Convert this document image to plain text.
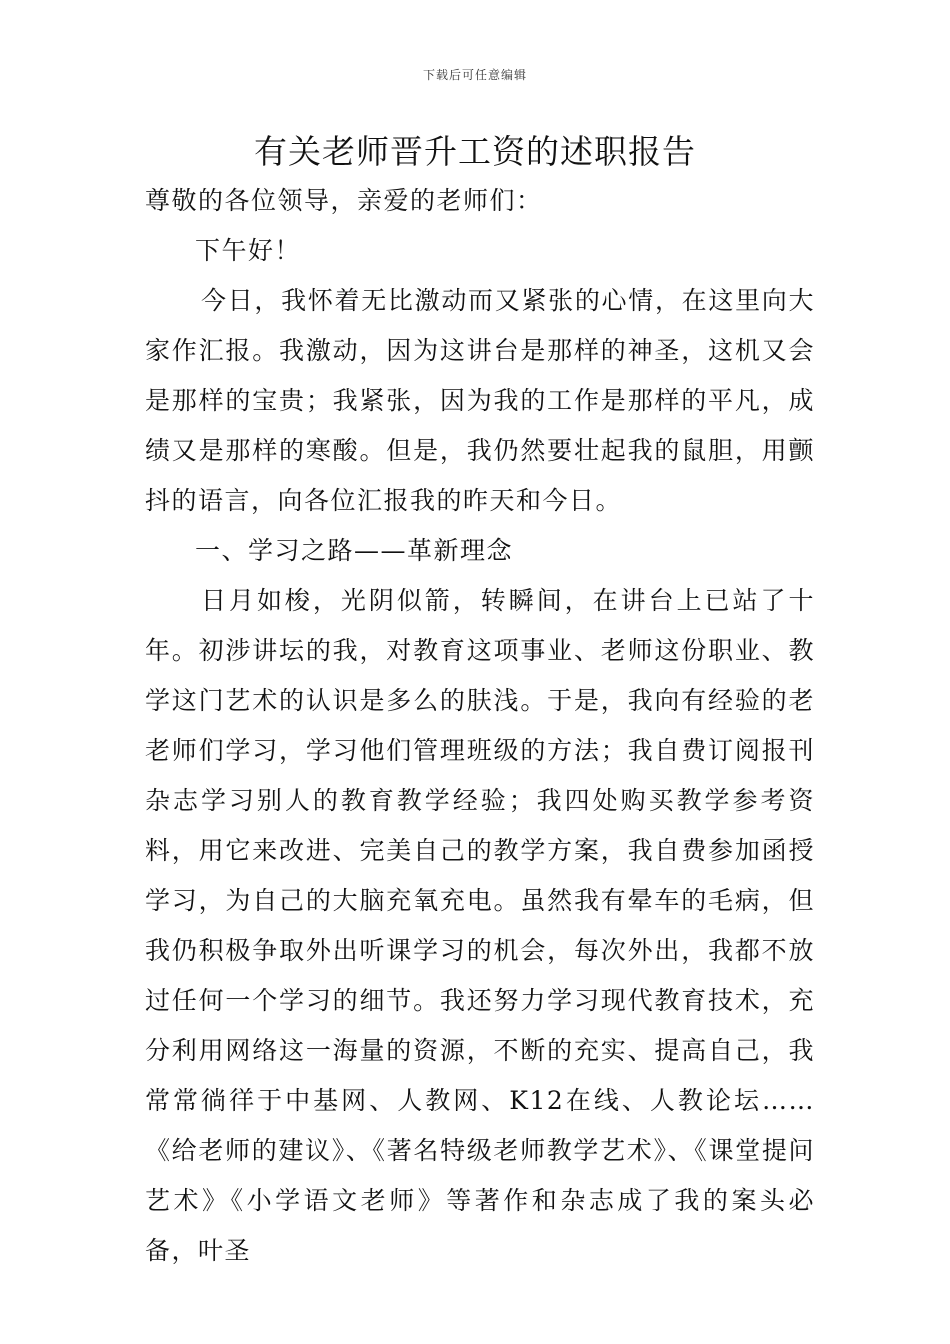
下载后可任意编辑
有关老师晋升工资的述职报告

尊敬的各位领导，亲爱的老师们：

下午好！

今日，我怀着无比激动而又紧张的心情，在这里向大家作汇报。我激动，因为这讲台是那样的神圣，这机又会是那样的宝贵；我紧张，因为我的工作是那样的平凡，成绩又是那样的寒酸。但是，我仍然要壮起我的鼠胆，用颤抖的语言，向各位汇报我的昨天和今日。

一、学习之路——革新理念

日月如梭，光阴似箭，转瞬间，在讲台上已站了十年。初涉讲坛的我，对教育这项事业、老师这份职业、教学这门艺术的认识是多么的肤浅。于是，我向有经验的老老师们学习，学习他们管理班级的方法；我自费订阅报刊杂志学习别人的教育教学经验；我四处购买教学参考资料，用它来改进、完美自己的教学方案，我自费参加函授学习，为自己的大脑充氧充电。虽然我有晕车的毛病，但我仍积极争取外出听课学习的机会，每次外出，我都不放过任何一个学习的细节。我还努力学习现代教育技术，充分利用网络这一海量的资源，不断的充实、提高自己，我常常徜徉于中基网、人教网、K12在线、人教论坛……《给老师的建议》、《著名特级老师教学艺术》、《课堂提问艺术》《小学语文老师》等著作和杂志成了我的案头必备，叶圣
